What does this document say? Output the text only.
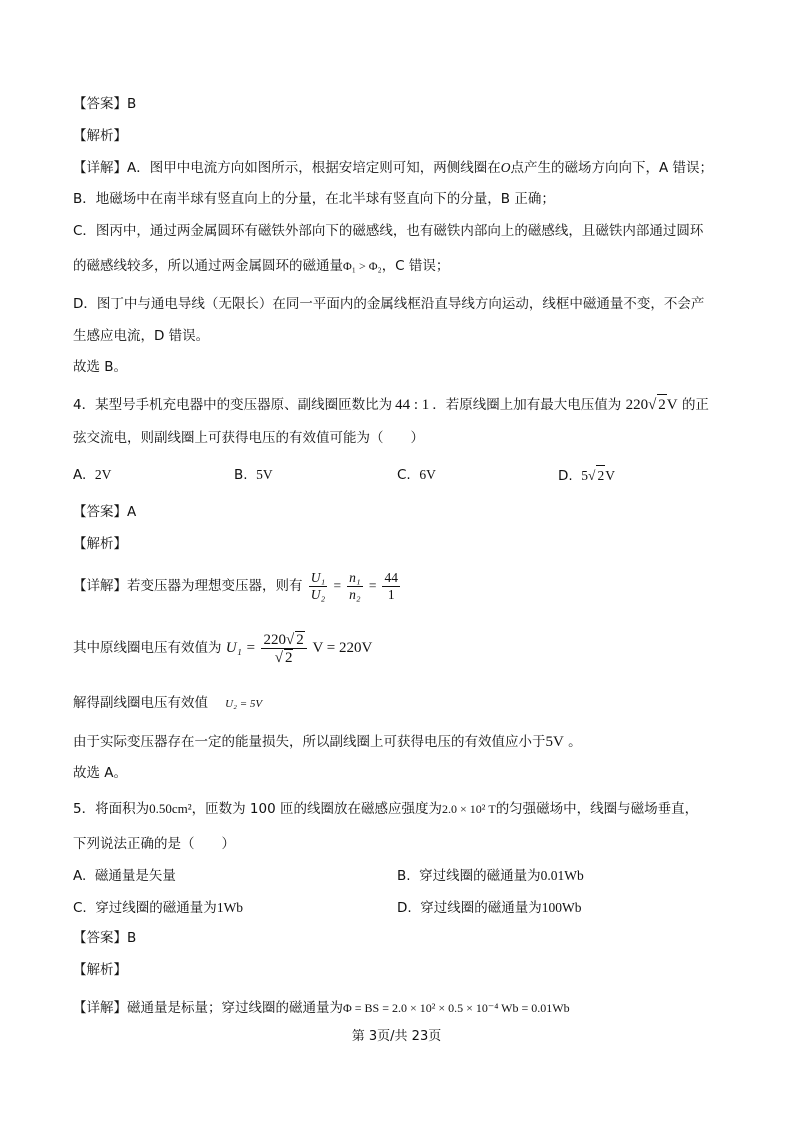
【答案】B
【解析】
【详解】A．图甲中电流方向如图所示，根据安培定则可知，两侧线圈在O点产生的磁场方向向下，A 错误；
B．地磁场中在南半球有竖直向上的分量，在北半球有竖直向下的分量，B 正确；
C．图丙中，通过两金属圆环有磁铁外部向下的磁感线，也有磁铁内部向上的磁感线，且磁铁内部通过圆环
的磁感线较多，所以通过两金属圆环的磁通量Φ₁ > Φ₂，C 错误；
D．图丁中与通电导线（无限长）在同一平面内的金属线框沿直导线方向运动，线框中磁通量不变，不会产
生感应电流，D 错误。
故选 B。
4．某型号手机充电器中的变压器原、副线圈匝数比为 44 : 1 ．若原线圈上加有最大电压值为 220√ 2V 的正
弦交流电，则副线圈上可获得电压的有效值可能为（　　）
A. 2V	B. 5V	C. 6V	D. 5√ 2V
【答案】A
【解析】
【详解】若变压器为理想变压器，则有 $\frac{\text{U₁}}{\text{U₂}} = \frac{\text{n₁}}{\text{n₂}} = \frac{44}{1}$
其中原线圈电压有效值为 $U_1 = \frac{220√ 2}{√ 2}$ V = 220V
解得副线圈电压有效值 U₂ = 5V
由于实际变压器存在一定的能量损失，所以副线圈上可获得电压的有效值应小于5V 。
故选 A。
5．将面积为0.50cm²，匝数为 100 匝的线圈放在磁感应强度为2.0 × 10² T的匀强磁场中，线圈与磁场垂直，
下列说法正确的是（　　）
A. 磁通量是矢量	B. 穿过线圈的磁通量为0.01Wb
C. 穿过线圈的磁通量为1Wb	D. 穿过线圈的磁通量为100Wb
【答案】B
【解析】
【详解】磁通量是标量；穿过线圈的磁通量为Φ = BS = 2.0 × 10² × 0.5 × 10⁻⁴ Wb = 0.01Wb
第 3页/共 23页
